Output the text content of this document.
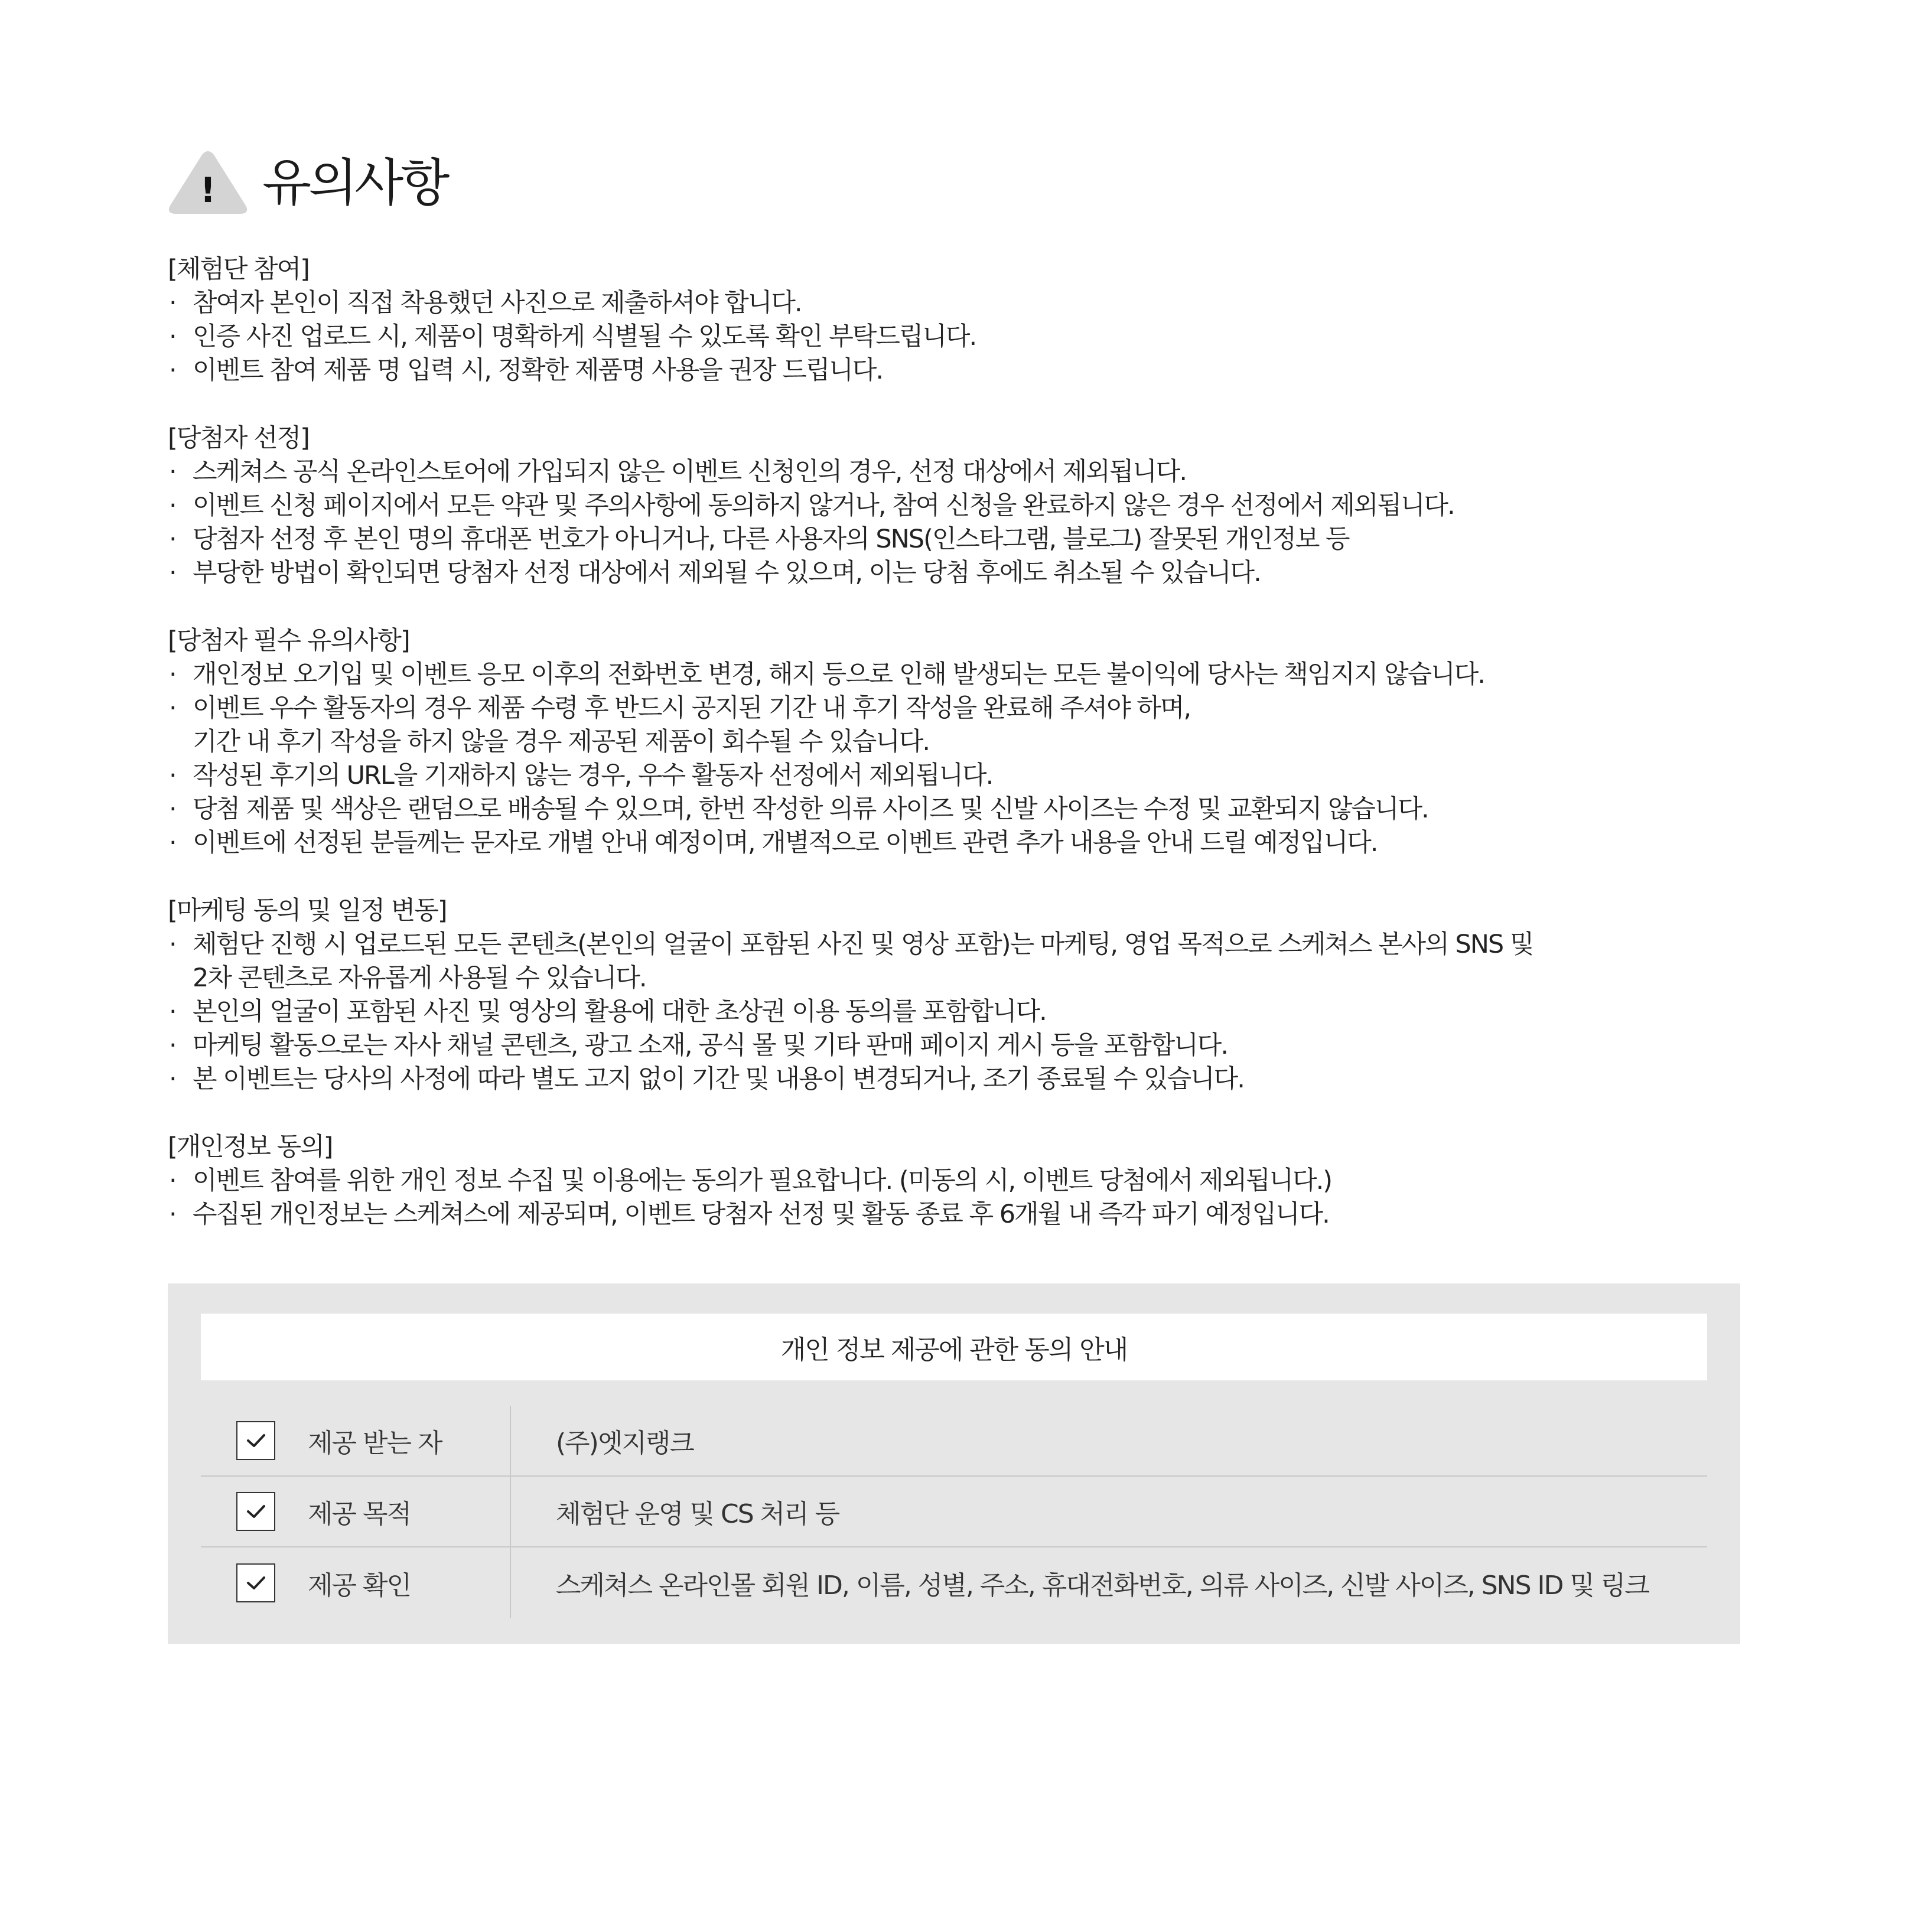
! 유의사항
[체험단 참여]
· 참여자 본인이 직접 착용했던 사진으로 제출하셔야 합니다.
· 인증 사진 업로드 시, 제품이 명확하게 식별될 수 있도록 확인 부탁드립니다.
· 이벤트 참여 제품 명 입력 시, 정확한 제품명 사용을 권장 드립니다.
[당첨자 선정]
· 스케쳐스 공식 온라인스토어에 가입되지 않은 이벤트 신청인의 경우, 선정 대상에서 제외됩니다.
· 이벤트 신청 페이지에서 모든 약관 및 주의사항에 동의하지 않거나, 참여 신청을 완료하지 않은 경우 선정에서 제외됩니다.
· 당첨자 선정 후 본인 명의 휴대폰 번호가 아니거나, 다른 사용자의 SNS(인스타그램, 블로그) 잘못된 개인정보 등
· 부당한 방법이 확인되면 당첨자 선정 대상에서 제외될 수 있으며, 이는 당첨 후에도 취소될 수 있습니다.
[당첨자 필수 유의사항]
· 개인정보 오기입 및 이벤트 응모 이후의 전화번호 변경, 해지 등으로 인해 발생되는 모든 불이익에 당사는 책임지지 않습니다.
· 이벤트 우수 활동자의 경우 제품 수령 후 반드시 공지된 기간 내 후기 작성을 완료해 주셔야 하며,
기간 내 후기 작성을 하지 않을 경우 제공된 제품이 회수될 수 있습니다.
· 작성된 후기의 URL을 기재하지 않는 경우, 우수 활동자 선정에서 제외됩니다.
· 당첨 제품 및 색상은 랜덤으로 배송될 수 있으며, 한번 작성한 의류 사이즈 및 신발 사이즈는 수정 및 교환되지 않습니다.
· 이벤트에 선정된 분들께는 문자로 개별 안내 예정이며, 개별적으로 이벤트 관련 추가 내용을 안내 드릴 예정입니다.
[마케팅 동의 및 일정 변동]
· 체험단 진행 시 업로드된 모든 콘텐츠(본인의 얼굴이 포함된 사진 및 영상 포함)는 마케팅, 영업 목적으로 스케쳐스 본사의 SNS 및
2차 콘텐츠로 자유롭게 사용될 수 있습니다.
· 본인의 얼굴이 포함된 사진 및 영상의 활용에 대한 초상권 이용 동의를 포함합니다.
· 마케팅 활동으로는 자사 채널 콘텐츠, 광고 소재, 공식 몰 및 기타 판매 페이지 게시 등을 포함합니다.
· 본 이벤트는 당사의 사정에 따라 별도 고지 없이 기간 및 내용이 변경되거나, 조기 종료될 수 있습니다.
[개인정보 동의]
· 이벤트 참여를 위한 개인 정보 수집 및 이용에는 동의가 필요합니다. (미동의 시, 이벤트 당첨에서 제외됩니다.)
· 수집된 개인정보는 스케쳐스에 제공되며, 이벤트 당첨자 선정 및 활동 종료 후 6개월 내 즉각 파기 예정입니다.
개인 정보 제공에 관한 동의 안내
제공 받는 자	(주)엣지랭크
제공 목적	체험단 운영 및 CS 처리 등
제공 확인	스케쳐스 온라인몰 회원 ID, 이름, 성별, 주소, 휴대전화번호, 의류 사이즈, 신발 사이즈, SNS ID 및 링크
